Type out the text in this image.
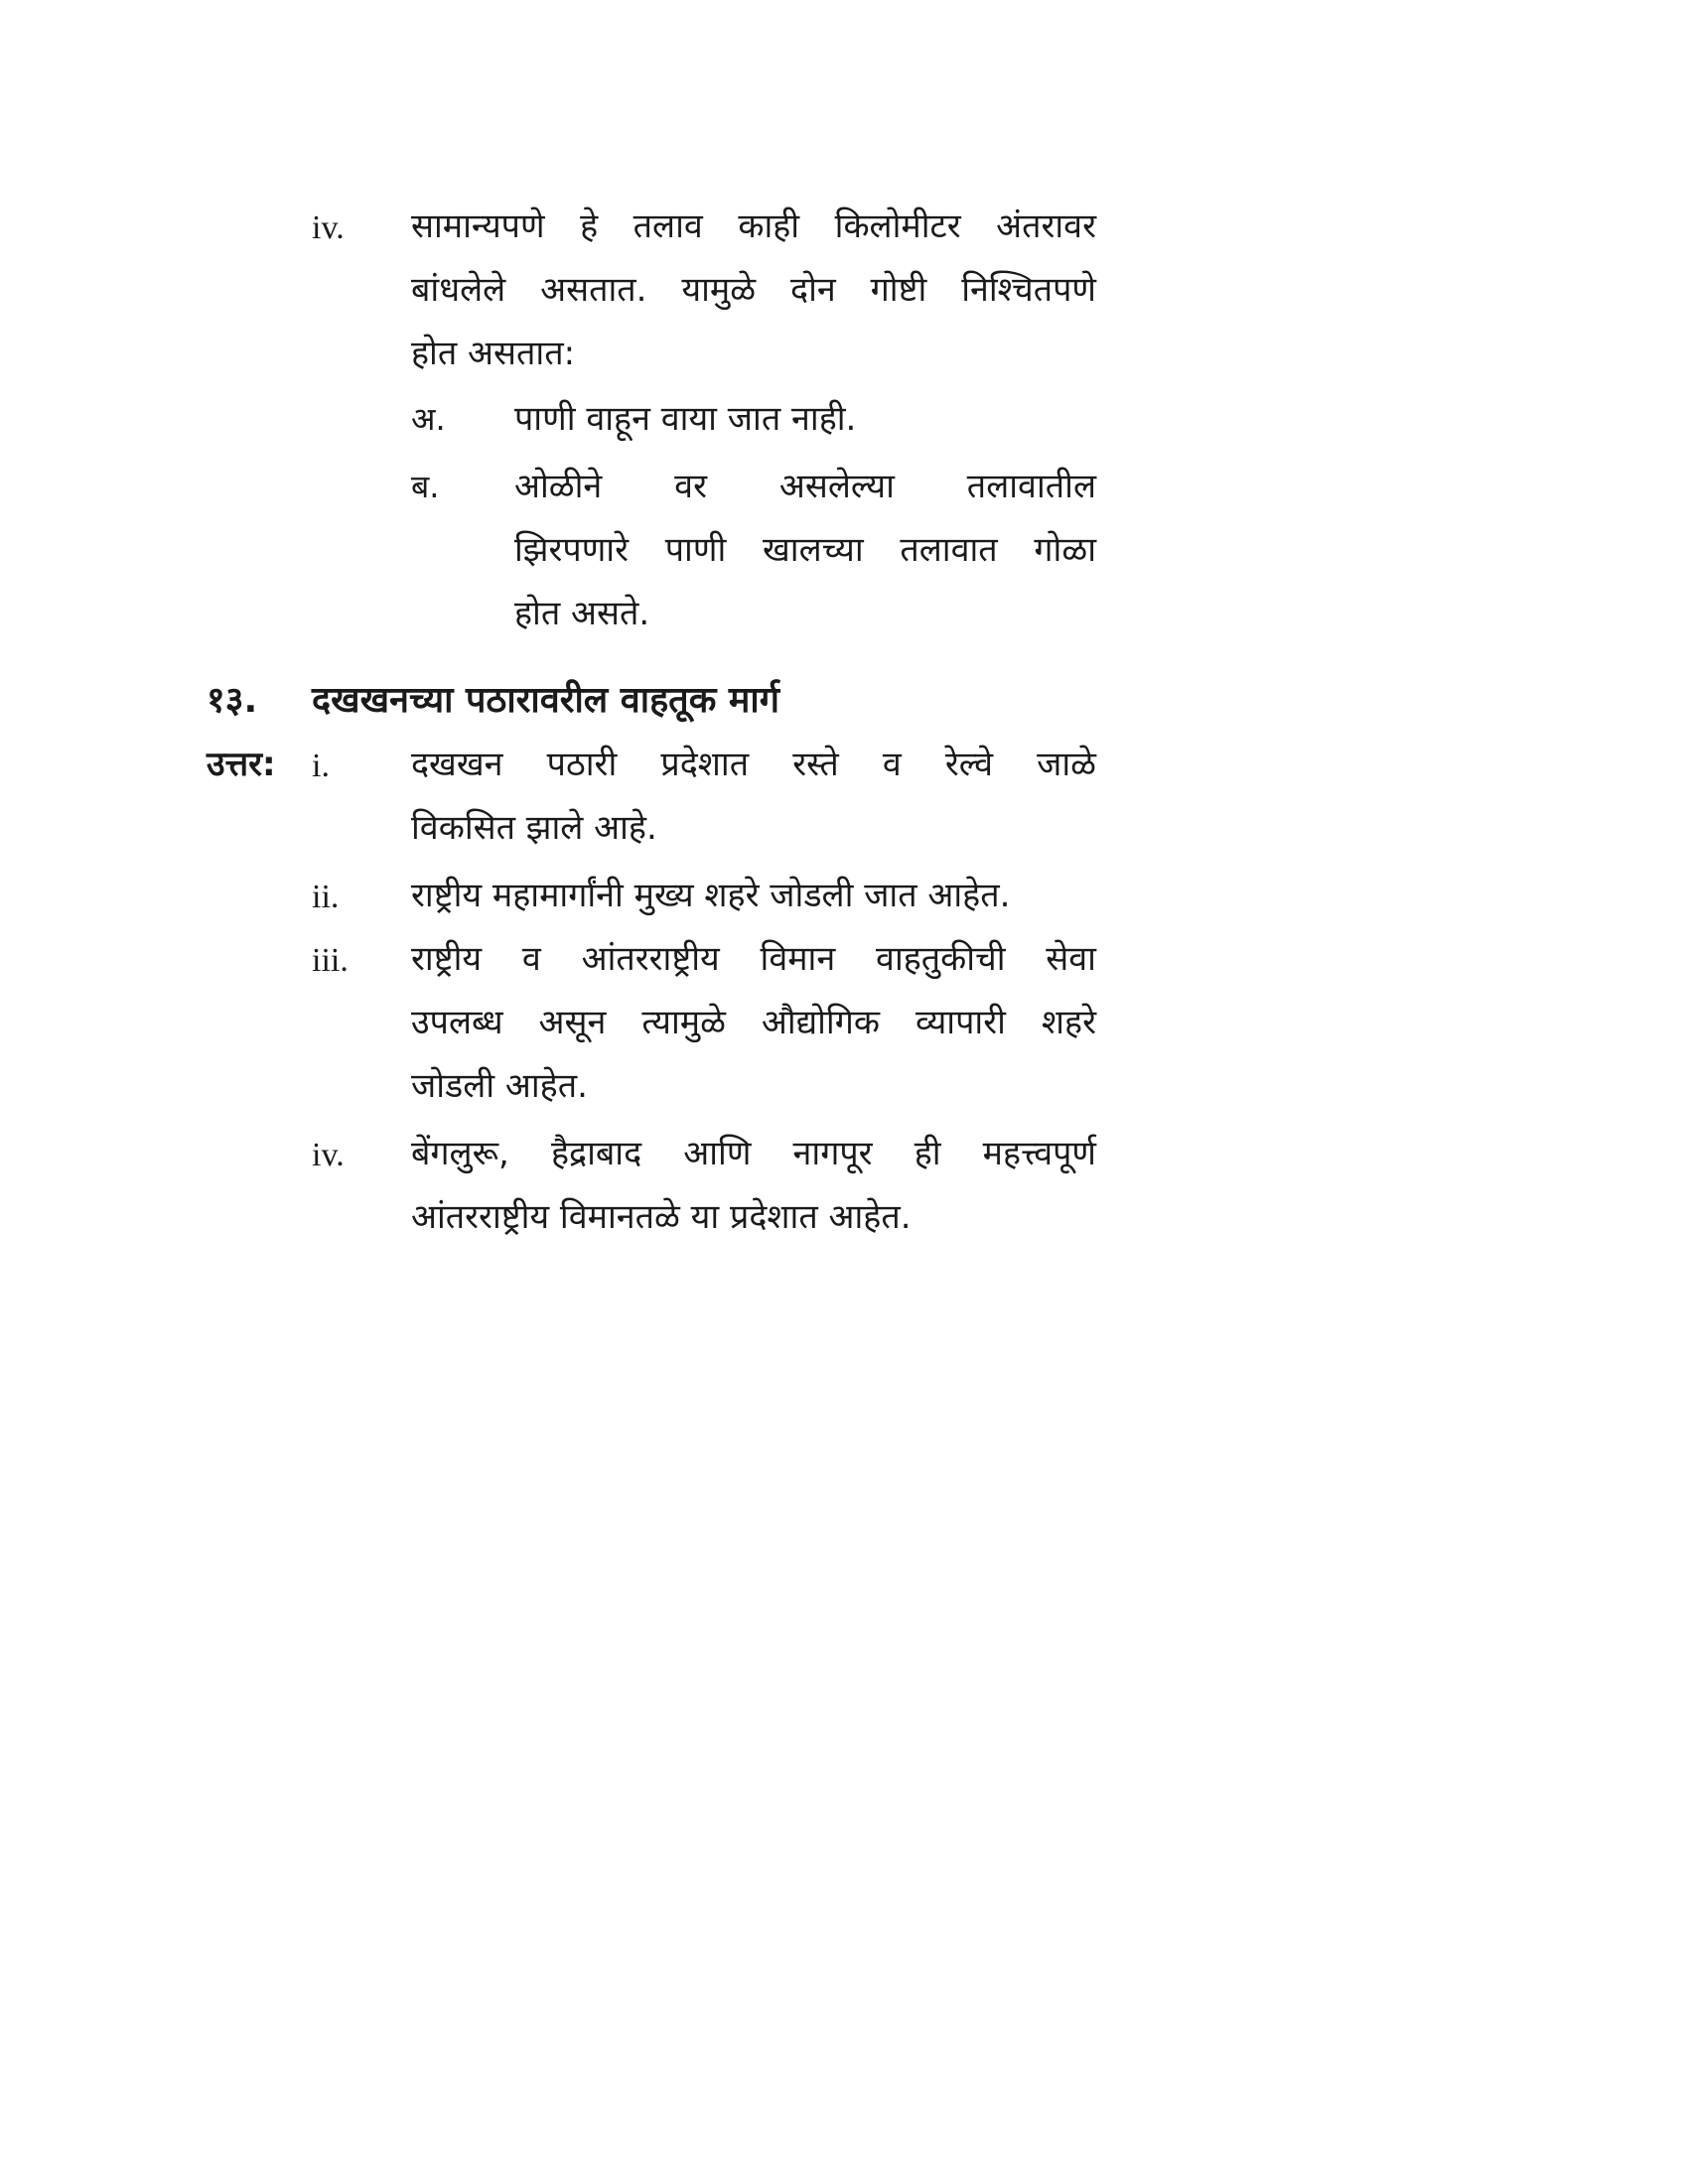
iv. सामान्यपणे हे तलाव काही किलोमीटर अंतरावर
बांधलेले असतात. यामुळे दोन गोष्टी निश्चितपणे
होत असतात:
अ. पाणी वाहून वाया जात नाही.
ब. ओळीने वर असलेल्या तलावातील
झिरपणारे पाणी खालच्या तलावात गोळा
होत असते.
१३. दखखनच्या पठारावरील वाहतूक मार्ग
उत्तर: i. दखखन पठारी प्रदेशात रस्ते व रेल्वे जाळे
विकसित झाले आहे.
ii. राष्ट्रीय महामार्गांनी मुख्य शहरे जोडली जात आहेत.
iii. राष्ट्रीय व आंतरराष्ट्रीय विमान वाहतुकीची सेवा
उपलब्ध असून त्यामुळे औद्योगिक व्यापारी शहरे
जोडली आहेत.
iv. बेंगलुरू, हैद्राबाद आणि नागपूर ही महत्त्वपूर्ण
आंतरराष्ट्रीय विमानतळे या प्रदेशात आहेत.
